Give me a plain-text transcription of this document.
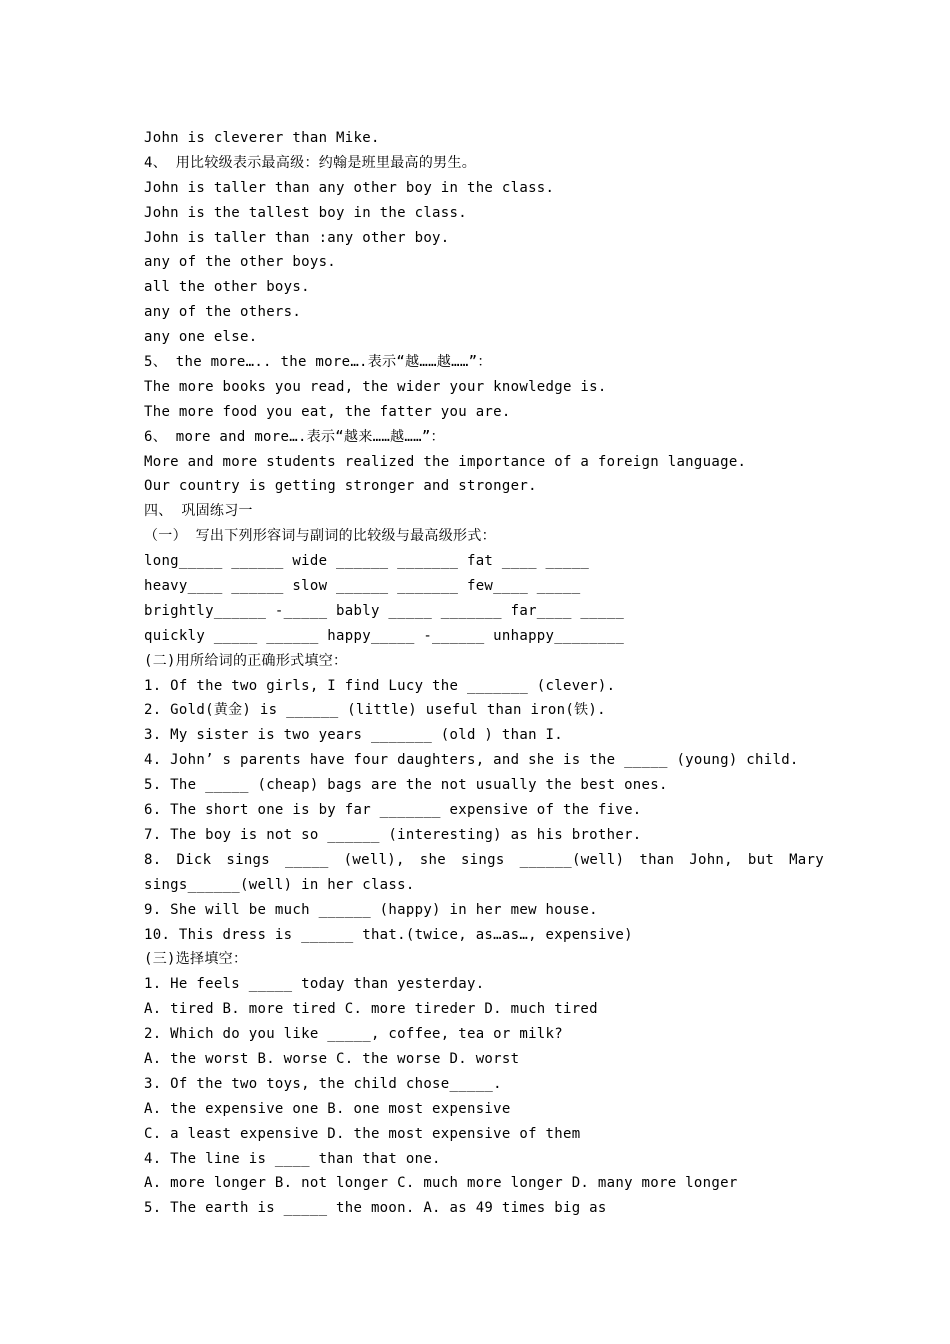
John is cleverer than Mike.
4、 用比较级表示最高级：约翰是班里最高的男生。
John is taller than any other boy in the class.
John is the tallest boy in the class.
John is taller than :any other boy.
any of the other boys.
all the other boys.
any of the others.
any one else.
5、 the more….. the more….表示“越……越……”：
The more books you read, the wider your knowledge is.
The more food you eat, the fatter you are.
6、 more and more….表示“越来……越……”：
More and more students realized the importance of a foreign language.
Our country is getting stronger and stronger.
四、 巩固练习一
（一） 写出下列形容词与副词的比较级与最高级形式：
long_____ ______ wide ______ _______ fat ____ _____
heavy____ ______ slow ______ _______ few____ _____
brightly______ -_____ bably _____ _______ far____ _____
quickly _____ ______ happy_____ -______ unhappy________
(二)用所给词的正确形式填空：
1. Of the two girls, I find Lucy the _______ (clever).
2. Gold(黄金) is ______ (little) useful than iron(铁).
3. My sister is two years _______ (old ) than I.
4. John’ s parents have four daughters, and she is the _____ (young) child.
5. The _____ (cheap) bags are the not usually the best ones.
6. The short one is by far _______ expensive of the five.
7. The boy is not so ______ (interesting) as his brother.
8. Dick sings _____ (well), she sings ______(well) than John, but Mary
sings______(well) in her class.
9. She will be much ______ (happy) in her mew house.
10. This dress is ______ that.(twice, as…as…, expensive)
(三)选择填空：
1. He feels _____ today than yesterday.
A. tired B. more tired C. more tireder D. much tired
2. Which do you like _____, coffee, tea or milk?
A. the worst B. worse C. the worse D. worst
3. Of the two toys, the child chose_____.
A. the expensive one B. one most expensive
C. a least expensive D. the most expensive of them
4. The line is ____ than that one.
A. more longer B. not longer C. much more longer D. many more longer
5. The earth is _____ the moon. A. as 49 times big as
